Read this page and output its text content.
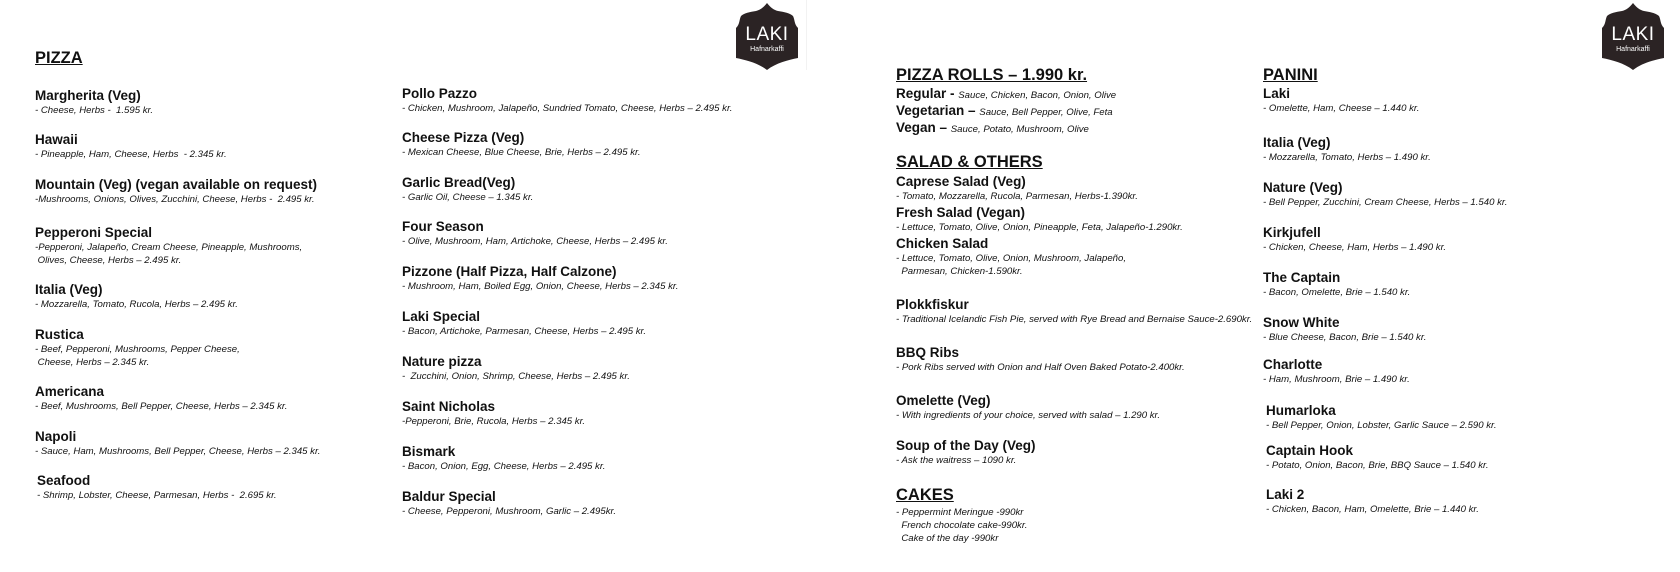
LAKI
Hafnarkaffi
LAKI
Hafnarkaffi
PIZZA
Margherita (Veg)
- Cheese, Herbs -  1.595 kr.
Hawaii
- Pineapple, Ham, Cheese, Herbs  - 2.345 kr.
Mountain (Veg) (vegan available on request)
-Mushrooms, Onions, Olives, Zucchini, Cheese, Herbs -  2.495 kr.
Pepperoni Special
-Pepperoni, Jalapeño, Cream Cheese, Pineapple, Mushrooms,
Olives, Cheese, Herbs – 2.495 kr.
Italia (Veg)
- Mozzarella, Tomato, Rucola, Herbs – 2.495 kr.
Rustica
- Beef, Pepperoni, Mushrooms, Pepper Cheese,
Cheese, Herbs – 2.345 kr.
Americana
- Beef, Mushrooms, Bell Pepper, Cheese, Herbs – 2.345 kr.
Napoli
- Sauce, Ham, Mushrooms, Bell Pepper, Cheese, Herbs – 2.345 kr.
Seafood
- Shrimp, Lobster, Cheese, Parmesan, Herbs -  2.695 kr.
Pollo Pazzo
- Chicken, Mushroom, Jalapeño, Sundried Tomato, Cheese, Herbs – 2.495 kr.
Cheese Pizza (Veg)
- Mexican Cheese, Blue Cheese, Brie, Herbs – 2.495 kr.
Garlic Bread(Veg)
- Garlic Oil, Cheese – 1.345 kr.
Four Season
- Olive, Mushroom, Ham, Artichoke, Cheese, Herbs – 2.495 kr.
Pizzone (Half Pizza, Half Calzone)
- Mushroom, Ham, Boiled Egg, Onion, Cheese, Herbs – 2.345 kr.
Laki Special
- Bacon, Artichoke, Parmesan, Cheese, Herbs – 2.495 kr.
Nature pizza
-  Zucchini, Onion, Shrimp, Cheese, Herbs – 2.495 kr.
Saint Nicholas
-Pepperoni, Brie, Rucola, Herbs – 2.345 kr.
Bismark
- Bacon, Onion, Egg, Cheese, Herbs – 2.495 kr.
Baldur Special
- Cheese, Pepperoni, Mushroom, Garlic – 2.495kr.
PIZZA ROLLS – 1.990 kr.
Regular - Sauce, Chicken, Bacon, Onion, Olive
Vegetarian – Sauce, Bell Pepper, Olive, Feta
Vegan – Sauce, Potato, Mushroom, Olive
SALAD & OTHERS
Caprese Salad (Veg)
- Tomato, Mozzarella, Rucola, Parmesan, Herbs-1.390kr.
Fresh Salad (Vegan)
- Lettuce, Tomato, Olive, Onion, Pineapple, Feta, Jalapeño-1.290kr.
Chicken Salad
- Lettuce, Tomato, Olive, Onion, Mushroom, Jalapeño,
Parmesan, Chicken-1.590kr.
Plokkfiskur
- Traditional Icelandic Fish Pie, served with Rye Bread and Bernaise Sauce-2.690kr.
BBQ Ribs
- Pork Ribs served with Onion and Half Oven Baked Potato-2.400kr.
Omelette (Veg)
- With ingredients of your choice, served with salad – 1.290 kr.
Soup of the Day (Veg)
- Ask the waitress – 1090 kr.
CAKES
- Peppermint Meringue -990kr
French chocolate cake-990kr.
Cake of the day -990kr
PANINI
Laki
- Omelette, Ham, Cheese – 1.440 kr.
Italia (Veg)
- Mozzarella, Tomato, Herbs – 1.490 kr.
Nature (Veg)
- Bell Pepper, Zucchini, Cream Cheese, Herbs – 1.540 kr.
Kirkjufell
- Chicken, Cheese, Ham, Herbs – 1.490 kr.
The Captain
- Bacon, Omelette, Brie – 1.540 kr.
Snow White
- Blue Cheese, Bacon, Brie – 1.540 kr.
Charlotte
- Ham, Mushroom, Brie – 1.490 kr.
Humarloka
- Bell Pepper, Onion, Lobster, Garlic Sauce – 2.590 kr.
Captain Hook
- Potato, Onion, Bacon, Brie, BBQ Sauce – 1.540 kr.
Laki 2
- Chicken, Bacon, Ham, Omelette, Brie – 1.440 kr.
